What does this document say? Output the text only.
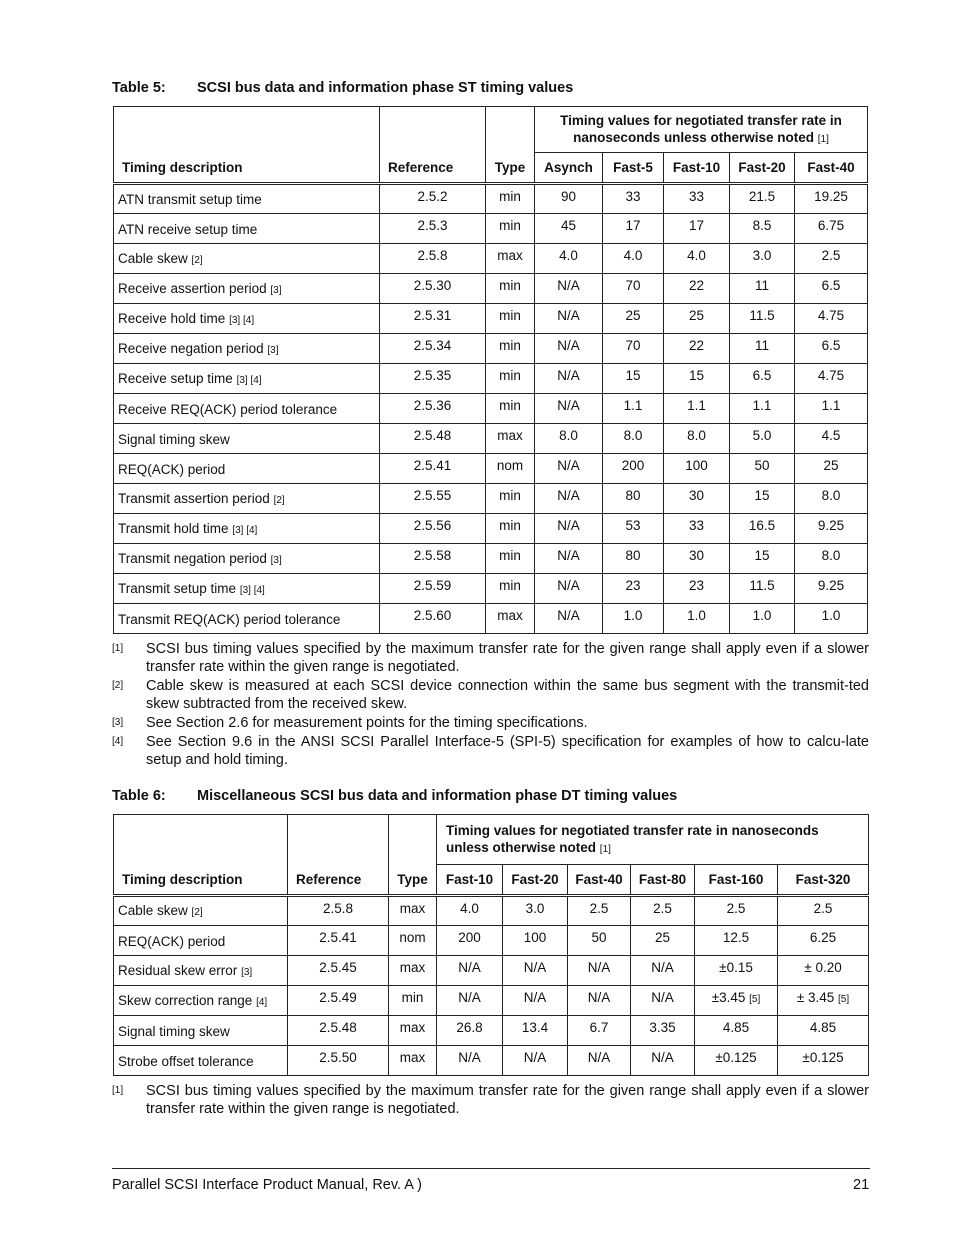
Table 5: SCSI bus data and information phase ST timing values
Timing description	Reference	Type	Timing values for negotiated transfer rate in nanoseconds unless otherwise noted [1]				
			Asynch	Fast-5	Fast-10	Fast-20	Fast-40
ATN transmit setup time	2.5.2	min	90	33	33	21.5	19.25
ATN receive setup time	2.5.3	min	45	17	17	8.5	6.75
Cable skew [2]	2.5.8	max	4.0	4.0	4.0	3.0	2.5
Receive assertion period [3]	2.5.30	min	N/A	70	22	11	6.5
Receive hold time [3] [4]	2.5.31	min	N/A	25	25	11.5	4.75
Receive negation period [3]	2.5.34	min	N/A	70	22	11	6.5
Receive setup time [3] [4]	2.5.35	min	N/A	15	15	6.5	4.75
Receive REQ(ACK) period tolerance	2.5.36	min	N/A	1.1	1.1	1.1	1.1
Signal timing skew	2.5.48	max	8.0	8.0	8.0	5.0	4.5
REQ(ACK) period	2.5.41	nom	N/A	200	100	50	25
Transmit assertion period [2]	2.5.55	min	N/A	80	30	15	8.0
Transmit hold time [3] [4]	2.5.56	min	N/A	53	33	16.5	9.25
Transmit negation period [3]	2.5.58	min	N/A	80	30	15	8.0
Transmit setup time [3] [4]	2.5.59	min	N/A	23	23	11.5	9.25
Transmit REQ(ACK) period tolerance	2.5.60	max	N/A	1.0	1.0	1.0	1.0
[1] SCSI bus timing values specified by the maximum transfer rate for the given range shall apply even if a slower transfer rate within the given range is negotiated.
[2] Cable skew is measured at each SCSI device connection within the same bus segment with the transmit-ted skew subtracted from the received skew.
[3] See Section 2.6 for measurement points for the timing specifications.
[4] See Section 9.6 in the ANSI SCSI Parallel Interface-5 (SPI-5) specification for examples of how to calcu-late setup and hold timing.
Table 6: Miscellaneous SCSI bus data and information phase DT timing values
Timing description	Reference	Type	Timing values for negotiated transfer rate in nanoseconds unless otherwise noted [1]					
			Fast-10	Fast-20	Fast-40	Fast-80	Fast-160	Fast-320
Cable skew [2]	2.5.8	max	4.0	3.0	2.5	2.5	2.5	2.5
REQ(ACK) period	2.5.41	nom	200	100	50	25	12.5	6.25
Residual skew error [3]	2.5.45	max	N/A	N/A	N/A	N/A	±0.15	± 0.20
Skew correction range [4]	2.5.49	min	N/A	N/A	N/A	N/A	±3.45 [5]	± 3.45 [5]
Signal timing skew	2.5.48	max	26.8	13.4	6.7	3.35	4.85	4.85
Strobe offset tolerance	2.5.50	max	N/A	N/A	N/A	N/A	±0.125	±0.125
[1] SCSI bus timing values specified by the maximum transfer rate for the given range shall apply even if a slower transfer rate within the given range is negotiated.
Parallel SCSI Interface Product Manual, Rev. A )	21
